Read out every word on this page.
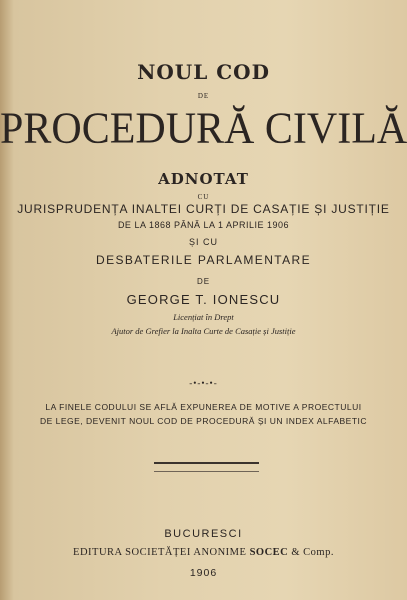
NOUL COD
DE
PROCEDURĂ CIVILĂ
ADNOTAT
CU
JURISPRUDENȚA INALTEI CURȚI DE CASAȚIE ȘI JUSTIȚIE
DE LA 1868 PÂNĂ LA 1 APRILIE 1906
ȘI CU
DESBATERILE PARLAMENTARE
DE
GEORGE T. IONESCU
Licențiat în Drept
Ajutor de Grefier la Inalta Curte de Casație și Justiție
-•-•-•-
LA FINELE CODULUI SE AFLĂ EXPUNEREA DE MOTIVE A PROECTULUI
DE LEGE, DEVENIT NOUL COD DE PROCEDURĂ ȘI UN INDEX ALFABETIC
BUCURESCI
EDITURA SOCIETĂȚEI ANONIME SOCEC & Comp.
1906
